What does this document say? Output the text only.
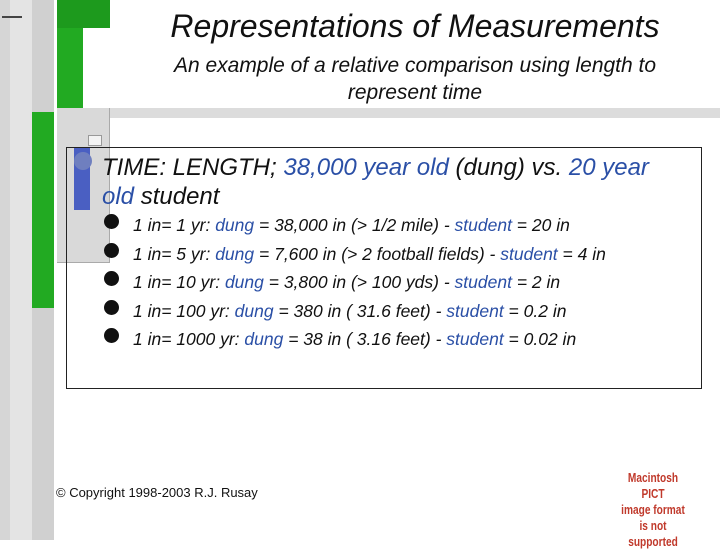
Representations of Measurements
An example of a relative comparison using length to
represent time
TIME: LENGTH; 38,000 year old (dung) vs. 20 year
old student
1 in= 1 yr: dung = 38,000 in (> 1/2 mile) - student = 20 in
1 in= 5 yr: dung = 7,600 in (> 2 football fields) - student = 4 in
1 in= 10 yr: dung = 3,800 in (> 100 yds) - student = 2 in
1 in= 100 yr: dung = 380 in ( 31.6 feet) - student = 0.2 in
1 in= 1000 yr: dung = 38 in ( 3.16 feet) - student = 0.02 in
© Copyright 1998-2003 R.J. Rusay
Macintosh PICT
image format
is not supported
